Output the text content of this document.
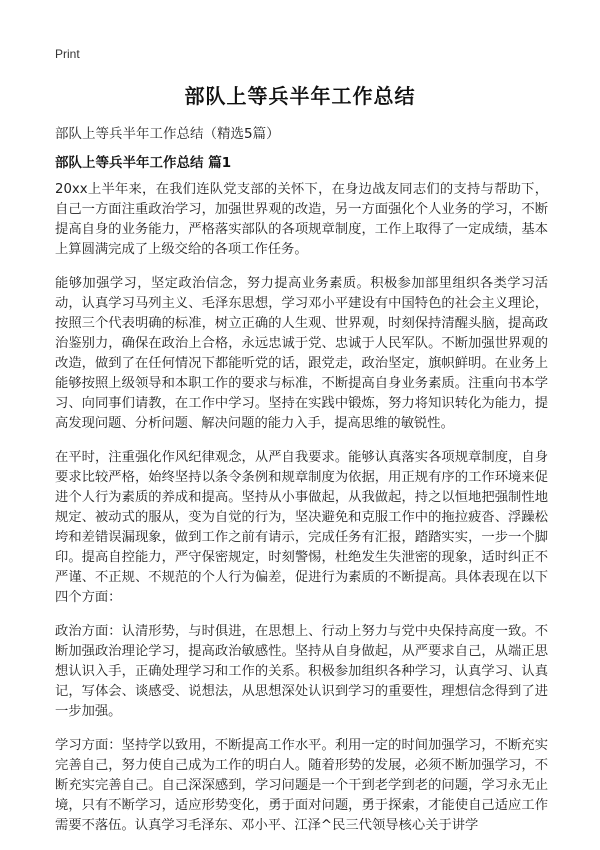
Print
部队上等兵半年工作总结
部队上等兵半年工作总结（精选5篇）
部队上等兵半年工作总结 篇1

20xx上半年来，在我们连队党支部的关怀下，在身边战友同志们的支持与帮助下，自己一方面注重政治学习，加强世界观的改造，另一方面强化个人业务的学习，不断提高自身的业务能力，严格落实部队的各项规章制度，工作上取得了一定成绩，基本上算圆满完成了上级交给的各项工作任务。

能够加强学习，坚定政治信念，努力提高业务素质。积极参加部里组织各类学习活动，认真学习马列主义、毛泽东思想，学习邓小平建设有中国特色的社会主义理论，按照三个代表明确的标准，树立正确的人生观、世界观，时刻保持清醒头脑，提高政治鉴别力，确保在政治上合格，永远忠诚于党、忠诚于人民军队。不断加强世界观的改造，做到了在任何情况下都能听党的话，跟党走，政治坚定，旗帜鲜明。在业务上能够按照上级领导和本职工作的要求与标准，不断提高自身业务素质。注重向书本学习、向同事们请教，在工作中学习。坚持在实践中锻炼，努力将知识转化为能力，提高发现问题、分析问题、解决问题的能力入手，提高思维的敏锐性。

在平时，注重强化作风纪律观念，从严自我要求。能够认真落实各项规章制度，自身要求比较严格，始终坚持以条令条例和规章制度为依据，用正规有序的工作环境来促进个人行为素质的养成和提高。坚持从小事做起，从我做起，持之以恒地把强制性地规定、被动式的服从，变为自觉的行为，坚决避免和克服工作中的拖拉疲沓、浮躁松垮和差错误漏现象，做到工作之前有请示，完成任务有汇报，踏踏实实，一步一个脚印。提高自控能力，严守保密规定，时刻警惕，杜绝发生失泄密的现象，适时纠正不严谨、不正规、不规范的个人行为偏差，促进行为素质的不断提高。具体表现在以下四个方面：

政治方面：认清形势，与时俱进，在思想上、行动上努力与党中央保持高度一致。不断加强政治理论学习，提高政治敏感性。坚持从自身做起，从严要求自己，从端正思想认识入手，正确处理学习和工作的关系。积极参加组织各种学习，认真学习、认真记，写体会、谈感受、说想法，从思想深处认识到学习的重要性，理想信念得到了进一步加强。

学习方面：坚持学以致用，不断提高工作水平。利用一定的时间加强学习，不断充实完善自己，努力使自己成为工作的明白人。随着形势的发展，必须不断加强学习，不断充实完善自己。自己深深感到，学习问题是一个干到老学到老的问题，学习永无止境，只有不断学习，适应形势变化，勇于面对问题，勇于探索，才能使自己适应工作需要不落伍。认真学习毛泽东、邓小平、江泽^民三代领导核心关于讲学
